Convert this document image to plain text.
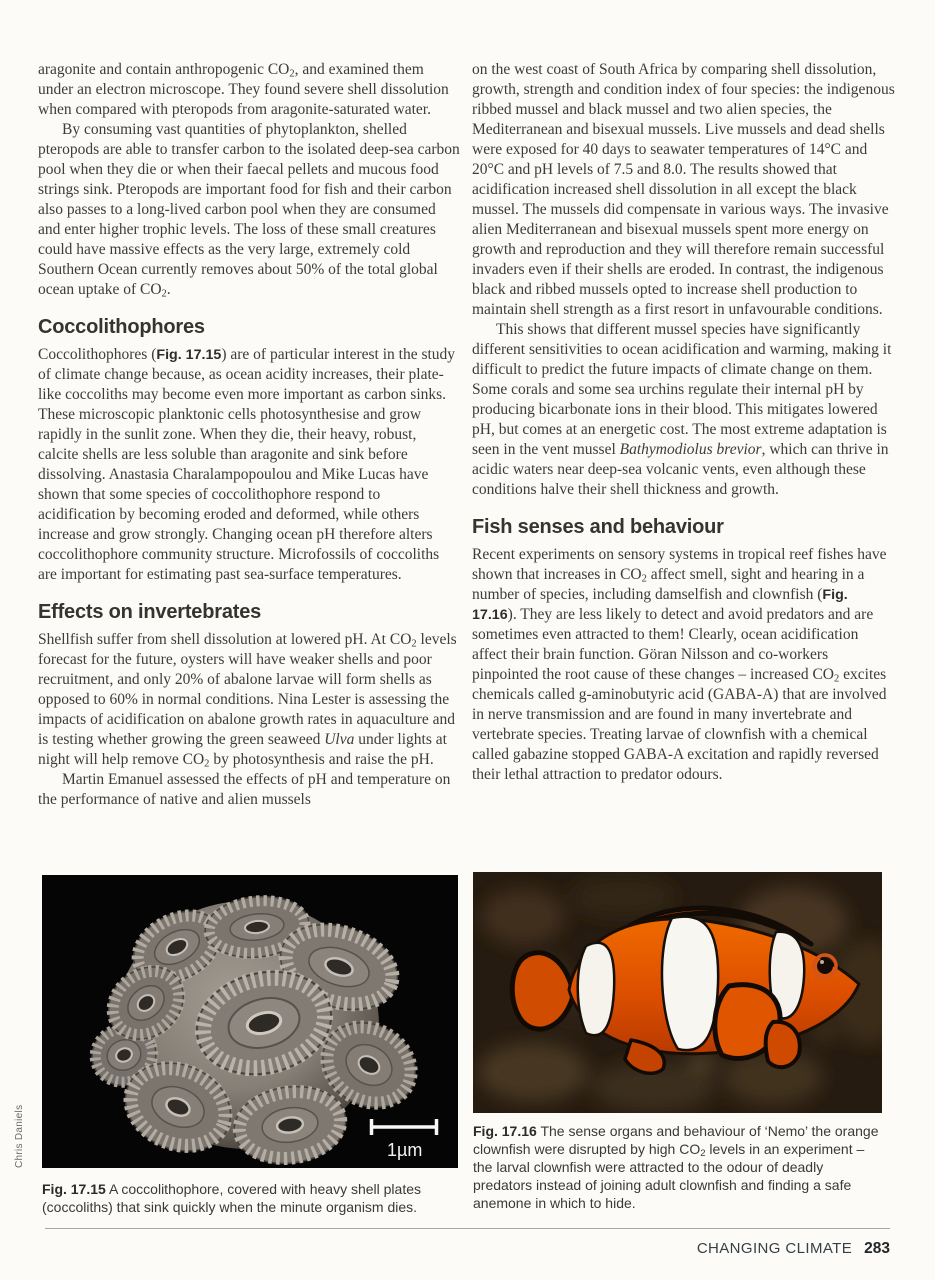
aragonite and contain anthropogenic $CO_2$, and examined them under an electron microscope. They found severe shell dissolution when compared with pteropods from aragonite-saturated water.

By consuming vast quantities of phytoplankton, shelled pteropods are able to transfer carbon to the isolated deep-sea carbon pool when they die or when their faecal pellets and mucous food strings sink. Pteropods are important food for fish and their carbon also passes to a long-lived carbon pool when they are consumed and enter higher trophic levels. The loss of these small creatures could have massive effects as the very large, extremely cold Southern Ocean currently removes about 50% of the total global ocean uptake of $CO_2$.

Coccolithophores

Coccolithophores (Fig. 17.15) are of particular interest in the study of climate change because, as ocean acidity increases, their plate-like coccoliths may become even more important as carbon sinks. These microscopic planktonic cells photosynthesise and grow rapidly in the sunlit zone. When they die, their heavy, robust, calcite shells are less soluble than aragonite and sink before dissolving. Anastasia Charalampopoulou and Mike Lucas have shown that some species of coccolithophore respond to acidification by becoming eroded and deformed, while others increase and grow strongly. Changing ocean pH therefore alters coccolithophore community structure. Microfossils of coccoliths are important for estimating past sea-surface temperatures.

Effects on invertebrates

Shellfish suffer from shell dissolution at lowered pH. At $CO_2$ levels forecast for the future, oysters will have weaker shells and poor recruitment, and only 20% of abalone larvae will form shells as opposed to 60% in normal conditions. Nina Lester is assessing the impacts of acidification on abalone growth rates in aquaculture and is testing whether growing the green seaweed Ulva under lights at night will help remove $CO_2$ by photosynthesis and raise the pH.

Martin Emanuel assessed the effects of pH and temperature on the performance of native and alien mussels

on the west coast of South Africa by comparing shell dissolution, growth, strength and condition index of four species: the indigenous ribbed mussel and black mussel and two alien species, the Mediterranean and bisexual mussels. Live mussels and dead shells were exposed for 40 days to seawater temperatures of 14°C and 20°C and pH levels of 7.5 and 8.0. The results showed that acidification increased shell dissolution in all except the black mussel. The mussels did compensate in various ways. The invasive alien Mediterranean and bisexual mussels spent more energy on growth and reproduction and they will therefore remain successful invaders even if their shells are eroded. In contrast, the indigenous black and ribbed mussels opted to increase shell production to maintain shell strength as a first resort in unfavourable conditions.

This shows that different mussel species have significantly different sensitivities to ocean acidification and warming, making it difficult to predict the future impacts of climate change on them. Some corals and some sea urchins regulate their internal pH by producing bicarbonate ions in their blood. This mitigates lowered pH, but comes at an energetic cost. The most extreme adaptation is seen in the vent mussel Bathymodiolus brevior, which can thrive in acidic waters near deep-sea volcanic vents, even although these conditions halve their shell thickness and growth.

Fish senses and behaviour

Recent experiments on sensory systems in tropical reef fishes have shown that increases in $CO_2$ affect smell, sight and hearing in a number of species, including damselfish and clownfish (Fig. 17.16). They are less likely to detect and avoid predators and are sometimes even attracted to them! Clearly, ocean acidification affect their brain function. Göran Nilsson and co-workers pinpointed the root cause of these changes – increased $CO_2$ excites chemicals called g-aminobutyric acid (GABA-A) that are involved in nerve transmission and are found in many invertebrate and vertebrate species. Treating larvae of clownfish with a chemical called gabazine stopped GABA-A excitation and rapidly reversed their lethal attraction to predator odours.

1µm
Chris Daniels
Fig. 17.15 A coccolithophore, covered with heavy shell plates (coccoliths) that sink quickly when the minute organism dies.
Fig. 17.16 The sense organs and behaviour of ‘Nemo’ the orange clownfish were disrupted by high $CO_2$ levels in an experiment – the larval clownfish were attracted to the odour of deadly predators instead of joining adult clownfish and finding a safe anemone in which to hide.
CHANGING CLIMATE 283
